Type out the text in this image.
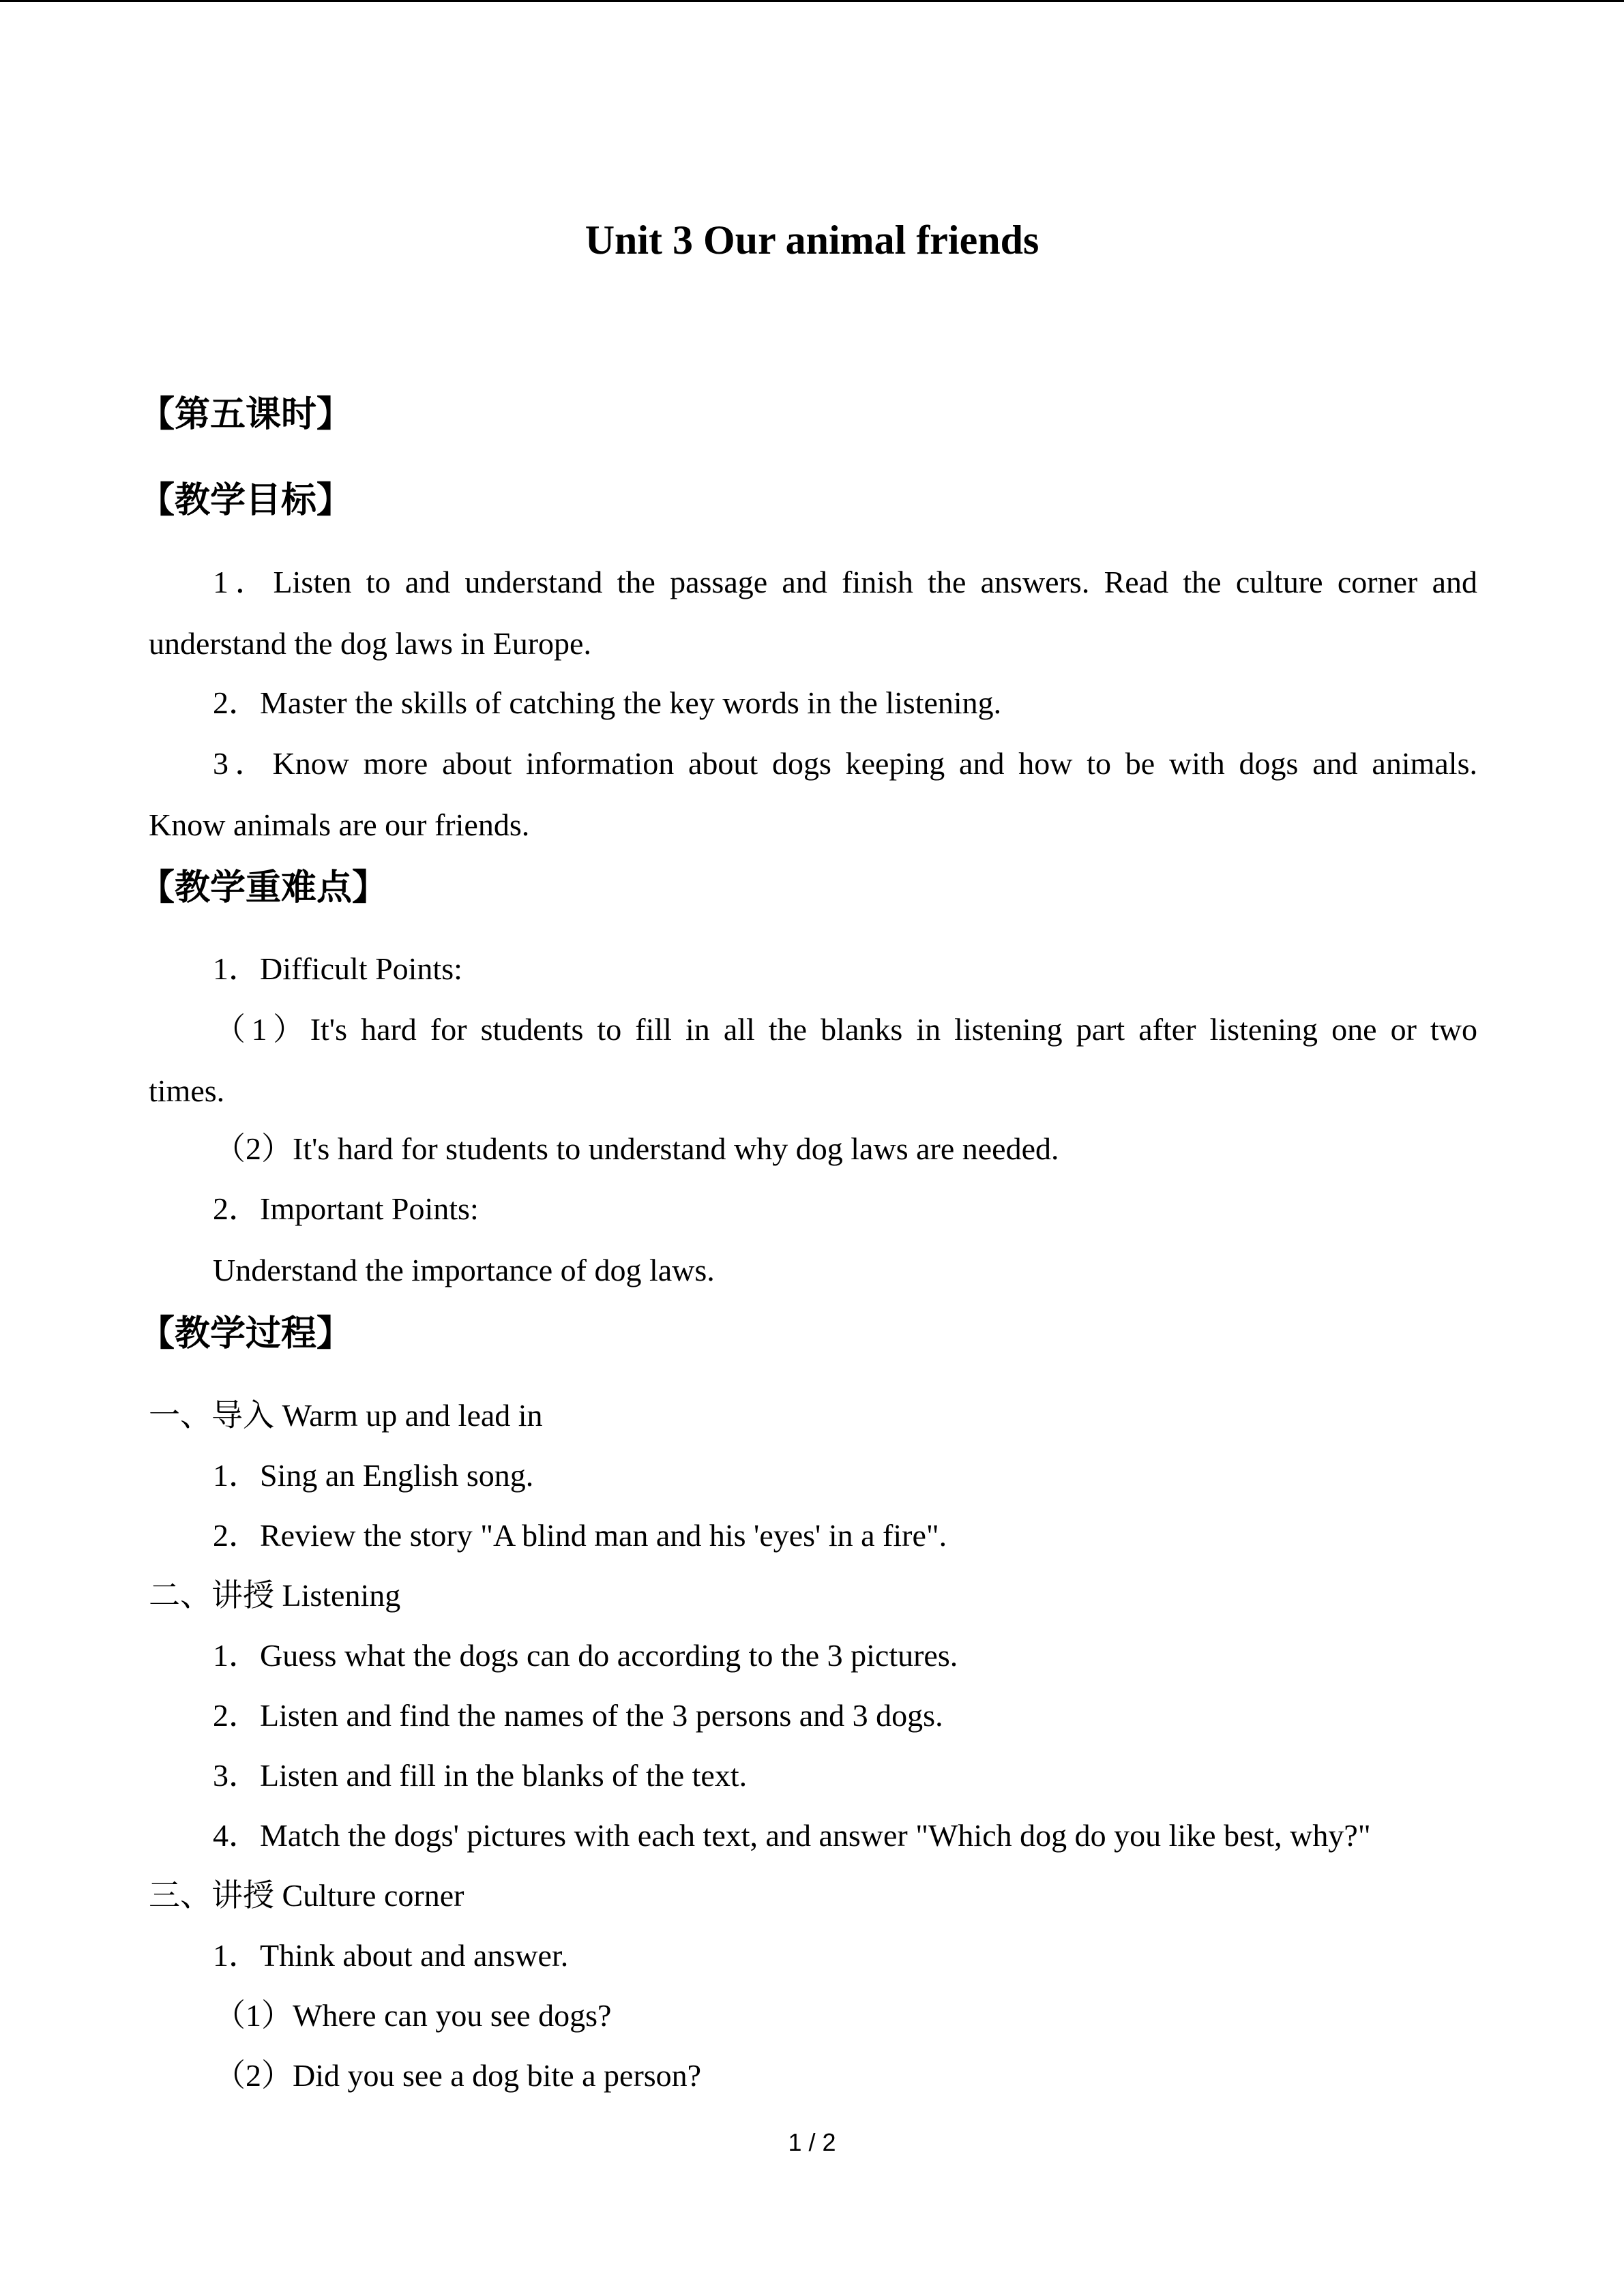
Unit 3 Our animal friends
【第五课时】
【教学目标】
1．Listen to and understand the passage and finish the answers. Read the culture corner and
understand the dog laws in Europe.
2．Master the skills of catching the key words in the listening.
3．Know more about information about dogs keeping and how to be with dogs and animals.
Know animals are our friends.
【教学重难点】
1．Difficult Points:
（1）It's hard for students to fill in all the blanks in listening part after listening one or two
times.
（2）It's hard for students to understand why dog laws are needed.
2．Important Points:
Understand the importance of dog laws.
【教学过程】
一、导入 Warm up and lead in
1．Sing an English song.
2．Review the story "A blind man and his 'eyes' in a fire".
二、讲授 Listening
1．Guess what the dogs can do according to the 3 pictures.
2．Listen and find the names of the 3 persons and 3 dogs.
3．Listen and fill in the blanks of the text.
4．Match the dogs' pictures with each text, and answer "Which dog do you like best, why?"
三、讲授 Culture corner
1．Think about and answer.
（1）Where can you see dogs?
（2）Did you see a dog bite a person?
1 / 2
